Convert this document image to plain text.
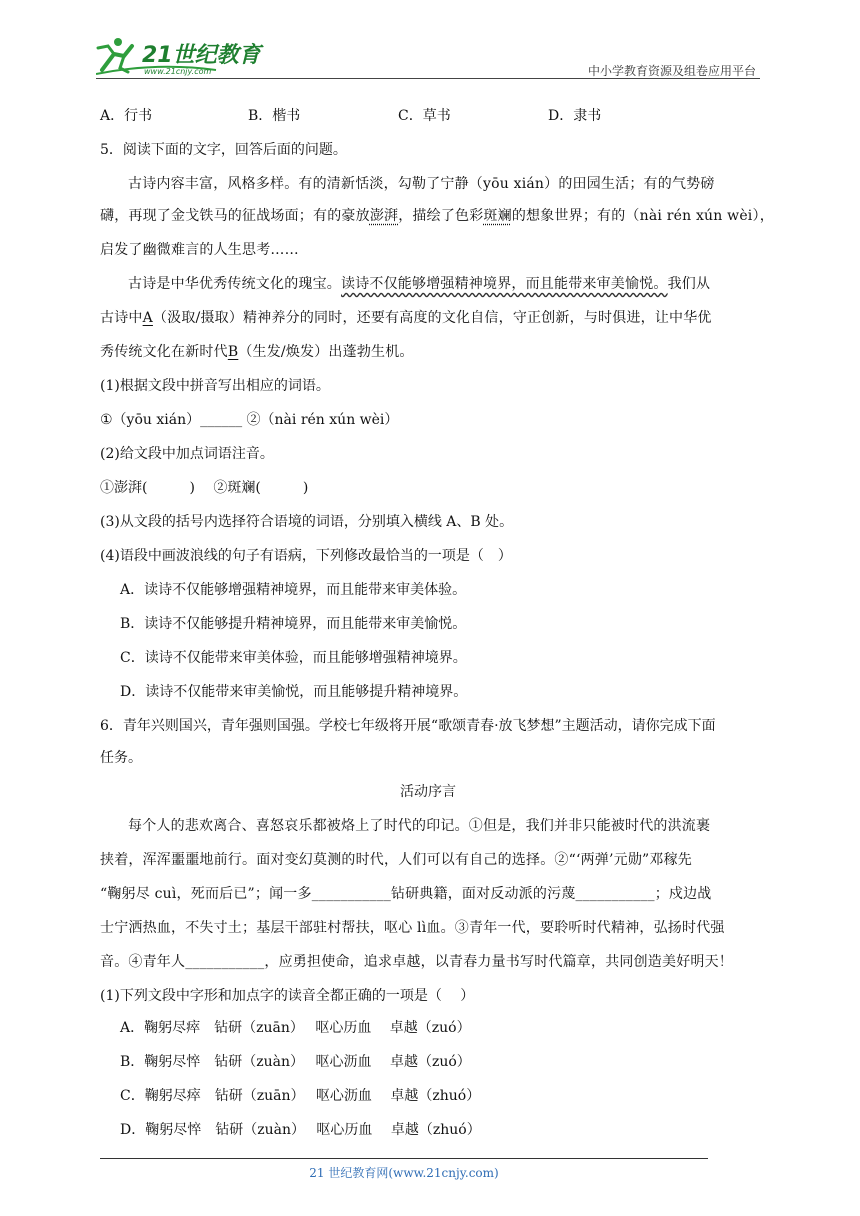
21世纪教育
www.21cnjy.com	中小学教育资源及组卷应用平台
A．行书	B．楷书	C．草书	D．隶书
5．阅读下面的文字，回答后面的问题。
古诗内容丰富，风格多样。有的清新恬淡，勾勒了宁静（yōu xián）的田园生活；有的气势磅
礴，再现了金戈铁马的征战场面；有的豪放澎湃，描绘了色彩斑斓的想象世界；有的（nài rén xún wèi），
启发了幽微难言的人生思考……
古诗是中华优秀传统文化的瑰宝。读诗不仅能够增强精神境界，而且能带来审美愉悦。我们从
古诗中A（汲取/摄取）精神养分的同时，还要有高度的文化自信，守正创新，与时俱进，让中华优
秀传统文化在新时代B（生发/焕发）出蓬勃生机。
(1)根据文段中拼音写出相应的词语。
①（yōu xián）______ ②（nài rén xún wèi）
(2)给文段中加点词语注音。
①澎湃(　　　)　 ②斑斓(　　　)
(3)从文段的括号内选择符合语境的词语，分别填入横线 A、B 处。
(4)语段中画波浪线的句子有语病，下列修改最恰当的一项是（　）
A．读诗不仅能够增强精神境界，而且能带来审美体验。
B．读诗不仅能够提升精神境界，而且能带来审美愉悦。
C．读诗不仅能带来审美体验，而且能够增强精神境界。
D．读诗不仅能带来审美愉悦，而且能够提升精神境界。
6．青年兴则国兴，青年强则国强。学校七年级将开展“歌颂青春·放飞梦想”主题活动，请你完成下面
任务。
活动序言
每个人的悲欢离合、喜怒哀乐都被烙上了时代的印记。①但是，我们并非只能被时代的洪流裹
挟着，浑浑噩噩地前行。面对变幻莫测的时代，人们可以有自己的选择。②“‘两弹’元勋”邓稼先
“鞠躬尽 cuì，死而后已”；闻一多___________钻研典籍，面对反动派的污蔑___________；戍边战
士宁洒热血，不失寸土；基层干部驻村帮扶，呕心 lì血。③青年一代，要聆听时代精神，弘扬时代强
音。④青年人___________，应勇担使命，追求卓越，以青春力量书写时代篇章，共同创造美好明天！
(1)下列文段中字形和加点字的读音全都正确的一项是（　 ）
A．鞠躬尽瘁　钻研（zuān）　 呕心历血　 卓越（zuó）
B．鞠躬尽悴　钻研（zuàn）　 呕心沥血　 卓越（zuó）
C．鞠躬尽瘁　钻研（zuān）　 呕心沥血　 卓越（zhuó）
D．鞠躬尽悴　钻研（zuàn）　 呕心历血　 卓越（zhuó）
21 世纪教育网(www.21cnjy.com)
